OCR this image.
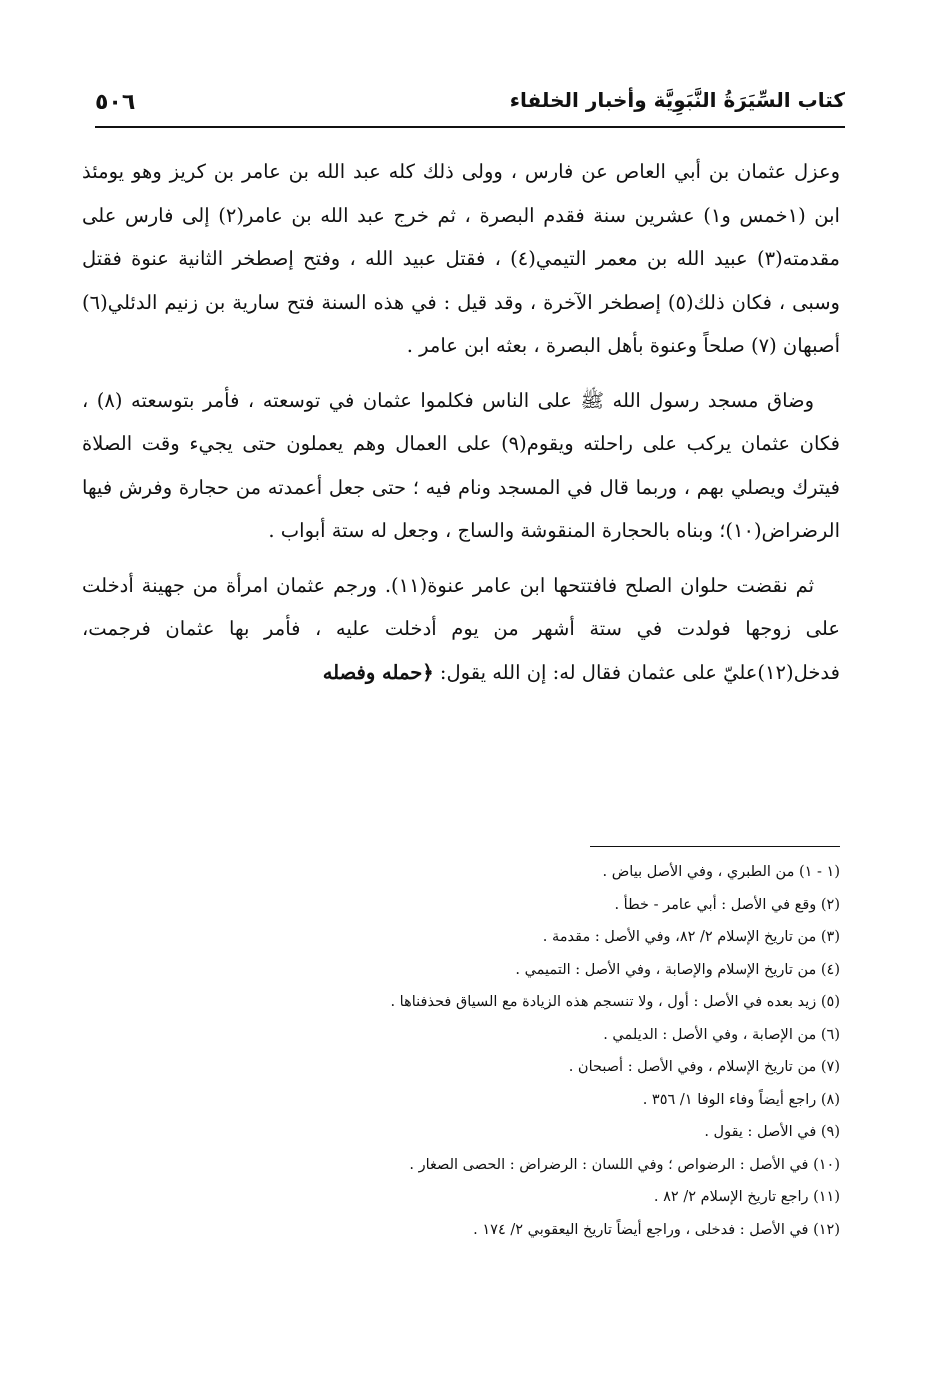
كتاب السِّيَرَةُ النَّبَوِيَّة وأخبار الخلفاء
٥٠٦

وعزل عثمان بن أبي العاص عن فارس ، وولى ذلك كله عبد الله بن عامر بن كريز وهو يومئذ ابن (١خمس و١) عشرين سنة فقدم البصرة ، ثم خرج عبد الله بن عامر(٢) إلى فارس على مقدمته(٣) عبيد الله بن معمر التيمي(٤) ، فقتل عبيد الله ، وفتح إصطخر الثانية عنوة فقتل وسبى ، فكان ذلك(٥) إصطخر الآخرة ، وقد قيل : في هذه السنة فتح سارية بن زنيم الدئلي(٦) أصبهان (٧) صلحاً وعنوة بأهل البصرة ، بعثه ابن عامر .

وضاق مسجد رسول الله ﷺ على الناس فكلموا عثمان في توسعته ، فأمر بتوسعته (٨) ، فكان عثمان يركب على راحلته ويقوم(٩) على العمال وهم يعملون حتى يجيء وقت الصلاة فيترك ويصلي بهم ، وربما قال في المسجد ونام فيه ؛ حتى جعل أعمدته من حجارة وفرش فيها الرضراض(١٠)؛ وبناه بالحجارة المنقوشة والساج ، وجعل له ستة أبواب .

ثم نقضت حلوان الصلح فافتتحها ابن عامر عنوة(١١). ورجم عثمان امرأة من جهينة أدخلت على زوجها فولدت في ستة أشهر من يوم أدخلت عليه ، فأمر بها عثمان فرجمت، فدخل(١٢)عليّ على عثمان فقال له: إن الله يقول: ﴿حمله وفصله

(١ - ١) من الطبري ، وفي الأصل بياض .
(٢) وقع في الأصل : أبي عامر - خطأ .
(٣) من تاريخ الإسلام ٢/ ٨٢، وفي الأصل : مقدمة .
(٤) من تاريخ الإسلام والإصابة ، وفي الأصل : التميمي .
(٥) زيد بعده في الأصل : أول ، ولا تنسجم هذه الزيادة مع السياق فحذفناها .
(٦) من الإصابة ، وفي الأصل : الديلمي .
(٧) من تاريخ الإسلام ، وفي الأصل : أصبحان .
(٨) راجع أيضاً وفاء الوفا ١/ ٣٥٦ .
(٩) في الأصل : يقول .
(١٠) في الأصل : الرضواص ؛ وفي اللسان : الرضراض : الحصى الصغار .
(١١) راجع تاريخ الإسلام ٢/ ٨٢ .
(١٢) في الأصل : فدخلى ، وراجع أيضاً تاريخ اليعقوبي ٢/ ١٧٤ .
